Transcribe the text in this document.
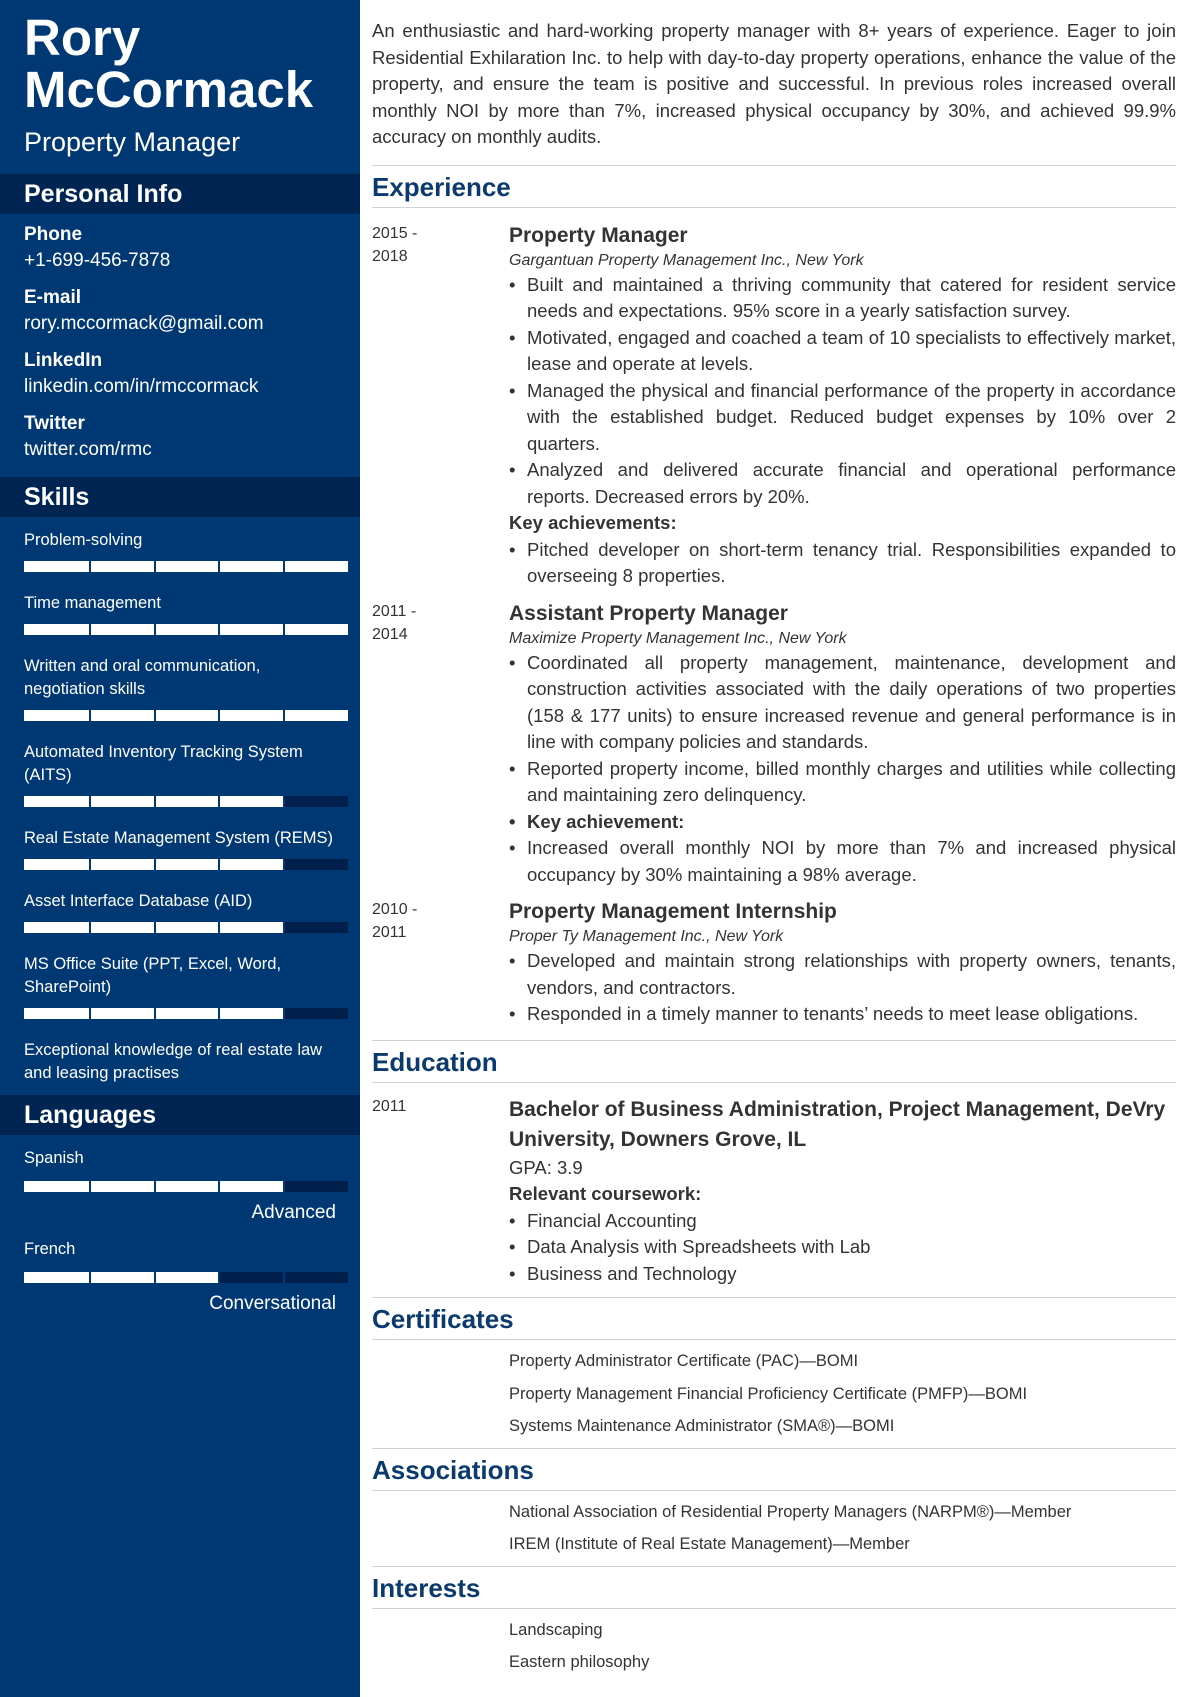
Rory
McCormack
Property Manager
Personal Info
Phone
+1-699-456-7878
E-mail
rory.mccormack@gmail.com
LinkedIn
linkedin.com/in/rmccormack
Twitter
twitter.com/rmc
Skills
Problem-solving
Time management
Written and oral communication, negotiation skills
Automated Inventory Tracking System (AITS)
Real Estate Management System (REMS)
Asset Interface Database (AID)
MS Office Suite (PPT, Excel, Word, SharePoint)
Exceptional knowledge of real estate law and leasing practises
Languages
Spanish
Advanced
French
Conversational

An enthusiastic and hard-working property manager with 8+ years of experience. Eager to join Residential Exhilaration Inc. to help with day-to-day property operations, enhance the value of the property, and ensure the team is positive and successful. In previous roles increased overall monthly NOI by more than 7%, increased physical occupancy by 30%, and achieved 99.9% accuracy on monthly audits.

Experience
2015 -
2018
Property Manager
Gargantuan Property Management Inc., New York
• Built and maintained a thriving community that catered for resident service needs and expectations. 95% score in a yearly satisfaction survey.
• Motivated, engaged and coached a team of 10 specialists to effectively market, lease and operate at levels.
• Managed the physical and financial performance of the property in accordance with the established budget. Reduced budget expenses by 10% over 2 quarters.
• Analyzed and delivered accurate financial and operational performance reports. Decreased errors by 20%.
Key achievements:
• Pitched developer on short-term tenancy trial. Responsibilities expanded to overseeing 8 properties.
2011 -
2014
Assistant Property Manager
Maximize Property Management Inc., New York
• Coordinated all property management, maintenance, development and construction activities associated with the daily operations of two properties (158 & 177 units) to ensure increased revenue and general performance is in line with company policies and standards.
• Reported property income, billed monthly charges and utilities while collecting and maintaining zero delinquency.
• Key achievement:
• Increased overall monthly NOI by more than 7% and increased physical occupancy by 30% maintaining a 98% average.
2010 -
2011
Property Management Internship
Proper Ty Management Inc., New York
• Developed and maintain strong relationships with property owners, tenants, vendors, and contractors.
• Responded in a timely manner to tenants’ needs to meet lease obligations.
Education
2011	Bachelor of Business Administration, Project Management, DeVry University, Downers Grove, IL
GPA: 3.9
Relevant coursework:
• Financial Accounting
• Data Analysis with Spreadsheets with Lab
• Business and Technology
Certificates
Property Administrator Certificate (PAC)—BOMI
Property Management Financial Proficiency Certificate (PMFP)—BOMI
Systems Maintenance Administrator (SMA®)—BOMI
Associations
National Association of Residential Property Managers (NARPM®)—Member
IREM (Institute of Real Estate Management)—Member
Interests
Landscaping
Eastern philosophy
